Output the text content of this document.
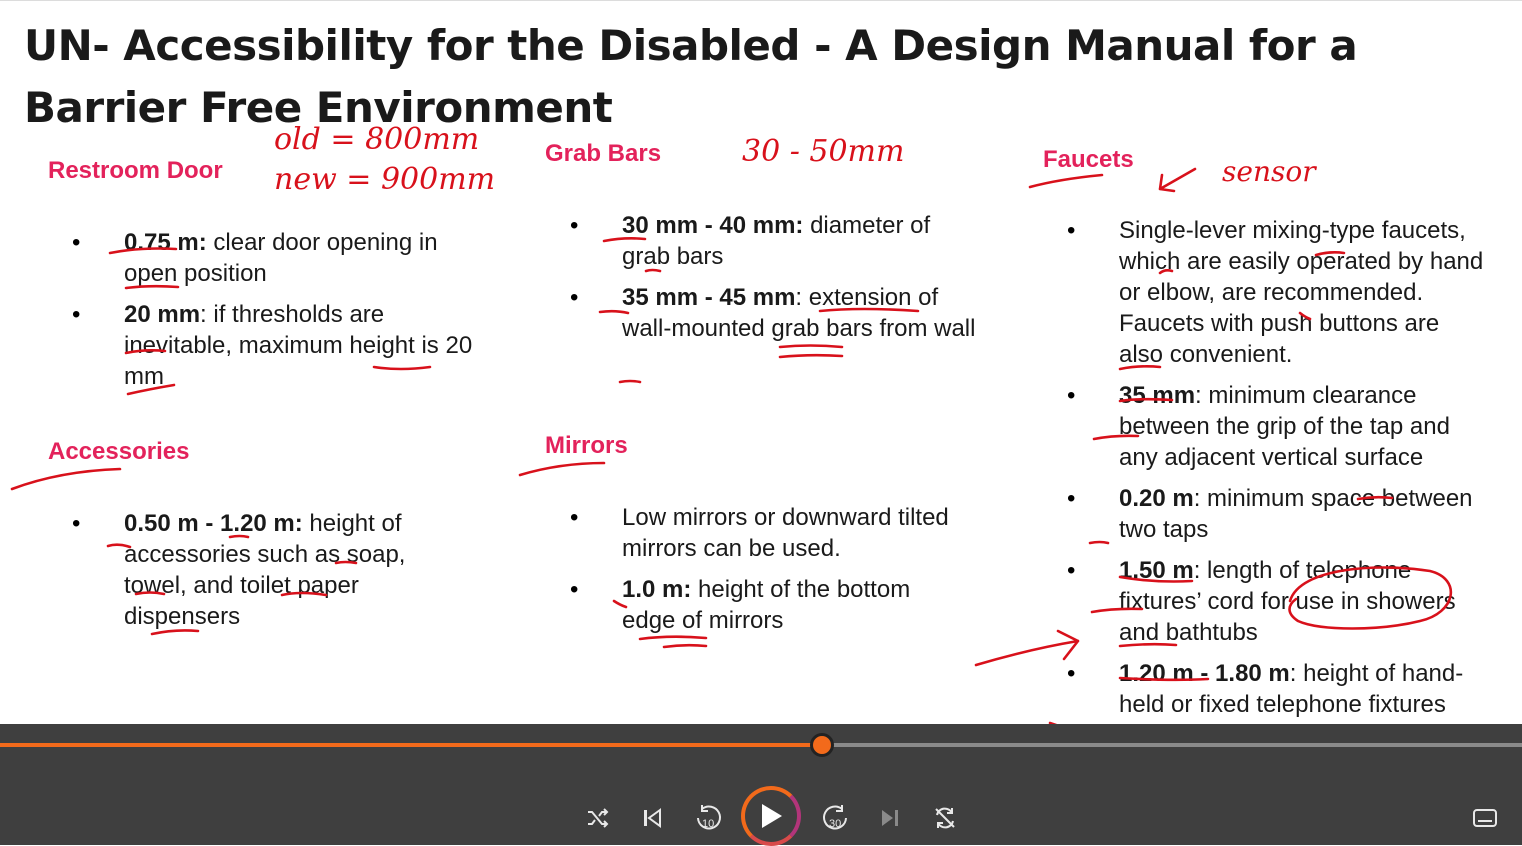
UN- Accessibility for the Disabled - A Design Manual for a Barrier Free Environment
Restroom Door
• 0.75 m: clear door opening in open position
• 20 mm: if thresholds are inevitable, maximum height is 20 mm
Accessories
• 0.50 m - 1.20 m: height of accessories such as soap, towel, and toilet paper dispensers
Grab Bars
• 30 mm - 40 mm: diameter of grab bars
• 35 mm - 45 mm: extension of wall-mounted grab bars from wall
Mirrors
• Low mirrors or downward tilted mirrors can be used.
• 1.0 m: height of the bottom edge of mirrors
Faucets
• Single-lever mixing-type faucets, which are easily operated by hand or elbow, are recommended. Faucets with push buttons are also convenient.
• 35 mm: minimum clearance between the grip of the tap and any adjacent vertical surface
• 0.20 m: minimum space between two taps
• 1.50 m: length of telephone fixtures’ cord for use in showers and bathtubs
• 1.20 m - 1.80 m: height of hand-held or fixed telephone fixtures
old = 800mm
new = 900mm
30 - 50mm
sensor
10	30
